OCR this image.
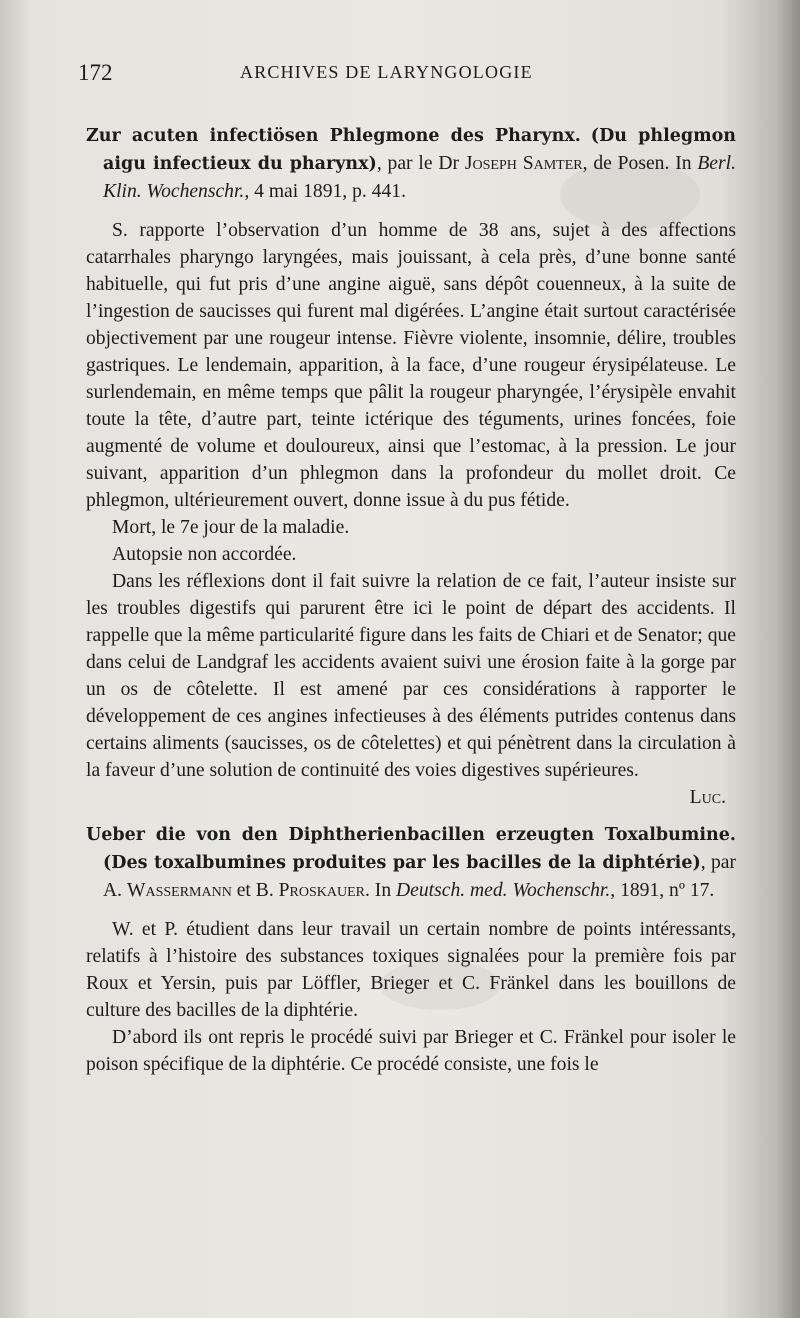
172	ARCHIVES DE LARYNGOLOGIE
Zur acuten infectiösen Phlegmone des Pharynx. (Du phlegmon aigu infectieux du pharynx), par le Dr Joseph Samter, de Posen. In Berl. Klin. Wochenschr., 4 mai 1891, p. 441.

S. rapporte l’observation d’un homme de 38 ans, sujet à des affections catarrhales pharyngo laryngées, mais jouissant, à cela près, d’une bonne santé habituelle, qui fut pris d’une angine aiguë, sans dépôt couenneux, à la suite de l’ingestion de saucisses qui furent mal digérées. L’angine était surtout caractérisée objectivement par une rougeur intense. Fièvre violente, insomnie, délire, troubles gastriques. Le lendemain, apparition, à la face, d’une rougeur érysipélateuse. Le surlendemain, en même temps que pâlit la rougeur pharyngée, l’érysipèle envahit toute la tête, d’autre part, teinte ictérique des téguments, urines foncées, foie augmenté de volume et douloureux, ainsi que l’estomac, à la pression. Le jour suivant, apparition d’un phlegmon dans la profondeur du mollet droit. Ce phlegmon, ultérieurement ouvert, donne issue à du pus fétide.

Mort, le 7e jour de la maladie.

Autopsie non accordée.

Dans les réflexions dont il fait suivre la relation de ce fait, l’auteur insiste sur les troubles digestifs qui parurent être ici le point de départ des accidents. Il rappelle que la même particularité figure dans les faits de Chiari et de Senator; que dans celui de Landgraf les accidents avaient suivi une érosion faite à la gorge par un os de côtelette. Il est amené par ces considérations à rapporter le développement de ces angines infectieuses à des éléments putrides contenus dans certains aliments (saucisses, os de côtelettes) et qui pénètrent dans la circulation à la faveur d’une solution de continuité des voies digestives supérieures.

Luc.
Ueber die von den Diphtherienbacillen erzeugten Toxalbumine. (Des toxalbumines produites par les bacilles de la diphtérie), par A. Wassermann et B. Proskauer. In Deutsch. med. Wochenschr., 1891, nº 17.

W. et P. étudient dans leur travail un certain nombre de points intéressants, relatifs à l’histoire des substances toxiques signalées pour la première fois par Roux et Yersin, puis par Löffler, Brieger et C. Fränkel dans les bouillons de culture des bacilles de la diphtérie.

D’abord ils ont repris le procédé suivi par Brieger et C. Fränkel pour isoler le poison spécifique de la diphtérie. Ce procédé consiste, une fois le
